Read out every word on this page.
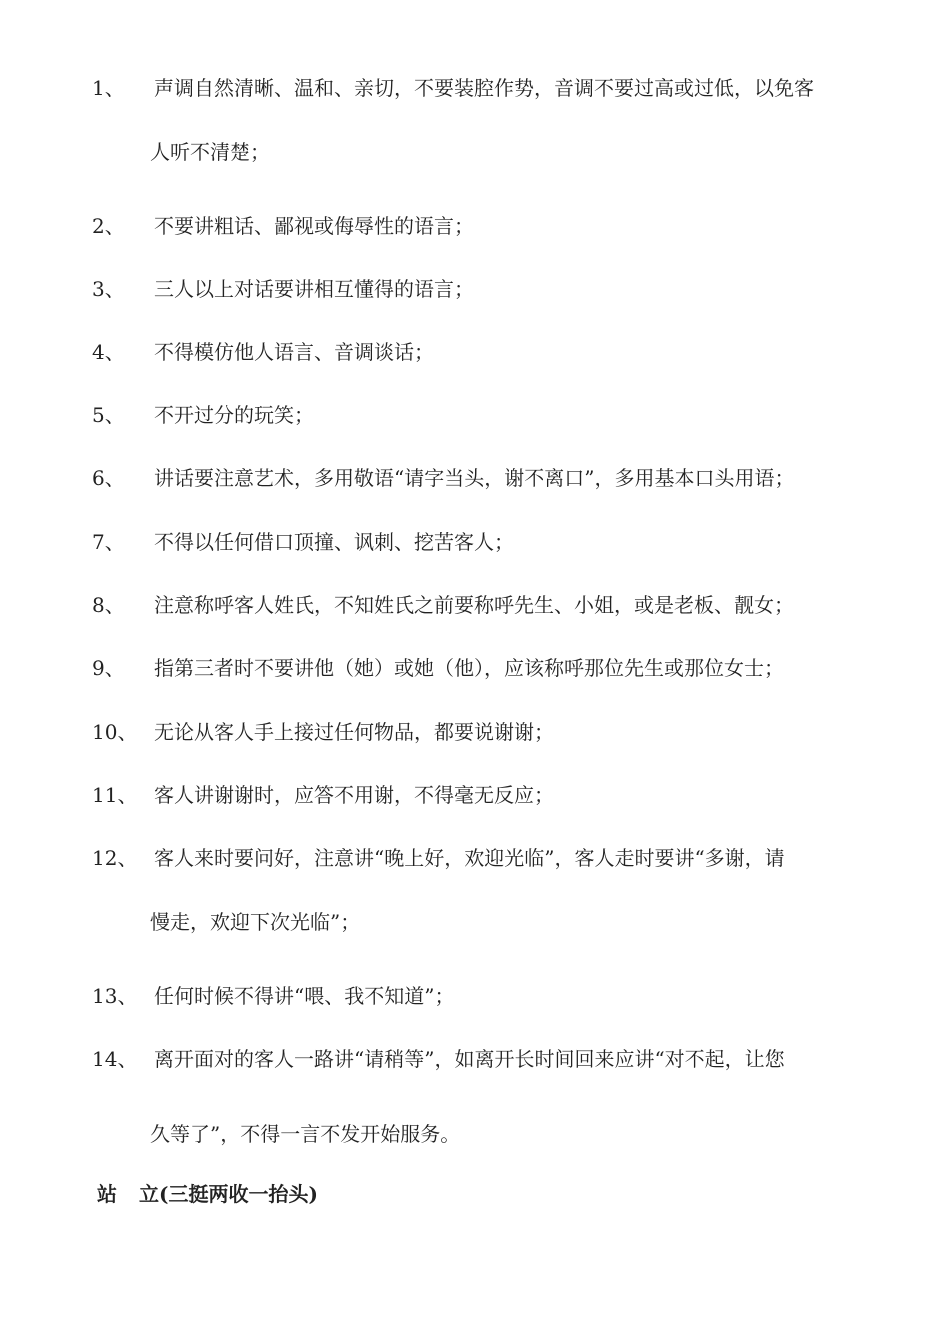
1、	声调自然清晰、温和、亲切，不要装腔作势，音调不要过高或过低，以免客
人听不清楚；
2、	不要讲粗话、鄙视或侮辱性的语言；
3、	三人以上对话要讲相互懂得的语言；
4、	不得模仿他人语言、音调谈话；
5、	不开过分的玩笑；
6、	讲话要注意艺术，多用敬语“请字当头，谢不离口”，多用基本口头用语；
7、	不得以任何借口顶撞、讽刺、挖苦客人；
8、	注意称呼客人姓氏，不知姓氏之前要称呼先生、小姐，或是老板、靓女；
9、	指第三者时不要讲他（她）或她（他），应该称呼那位先生或那位女士；
10、 无论从客人手上接过任何物品，都要说谢谢；
11、 客人讲谢谢时，应答不用谢，不得毫无反应；
12、 客人来时要问好，注意讲“晚上好，欢迎光临”，客人走时要讲“多谢，请
慢走，欢迎下次光临”；
13、 任何时候不得讲“喂、我不知道”；
14、 离开面对的客人一路讲“请稍等”，如离开长时间回来应讲“对不起，让您
久等了”，不得一言不发开始服务。
站 立(三挺两收一抬头)
